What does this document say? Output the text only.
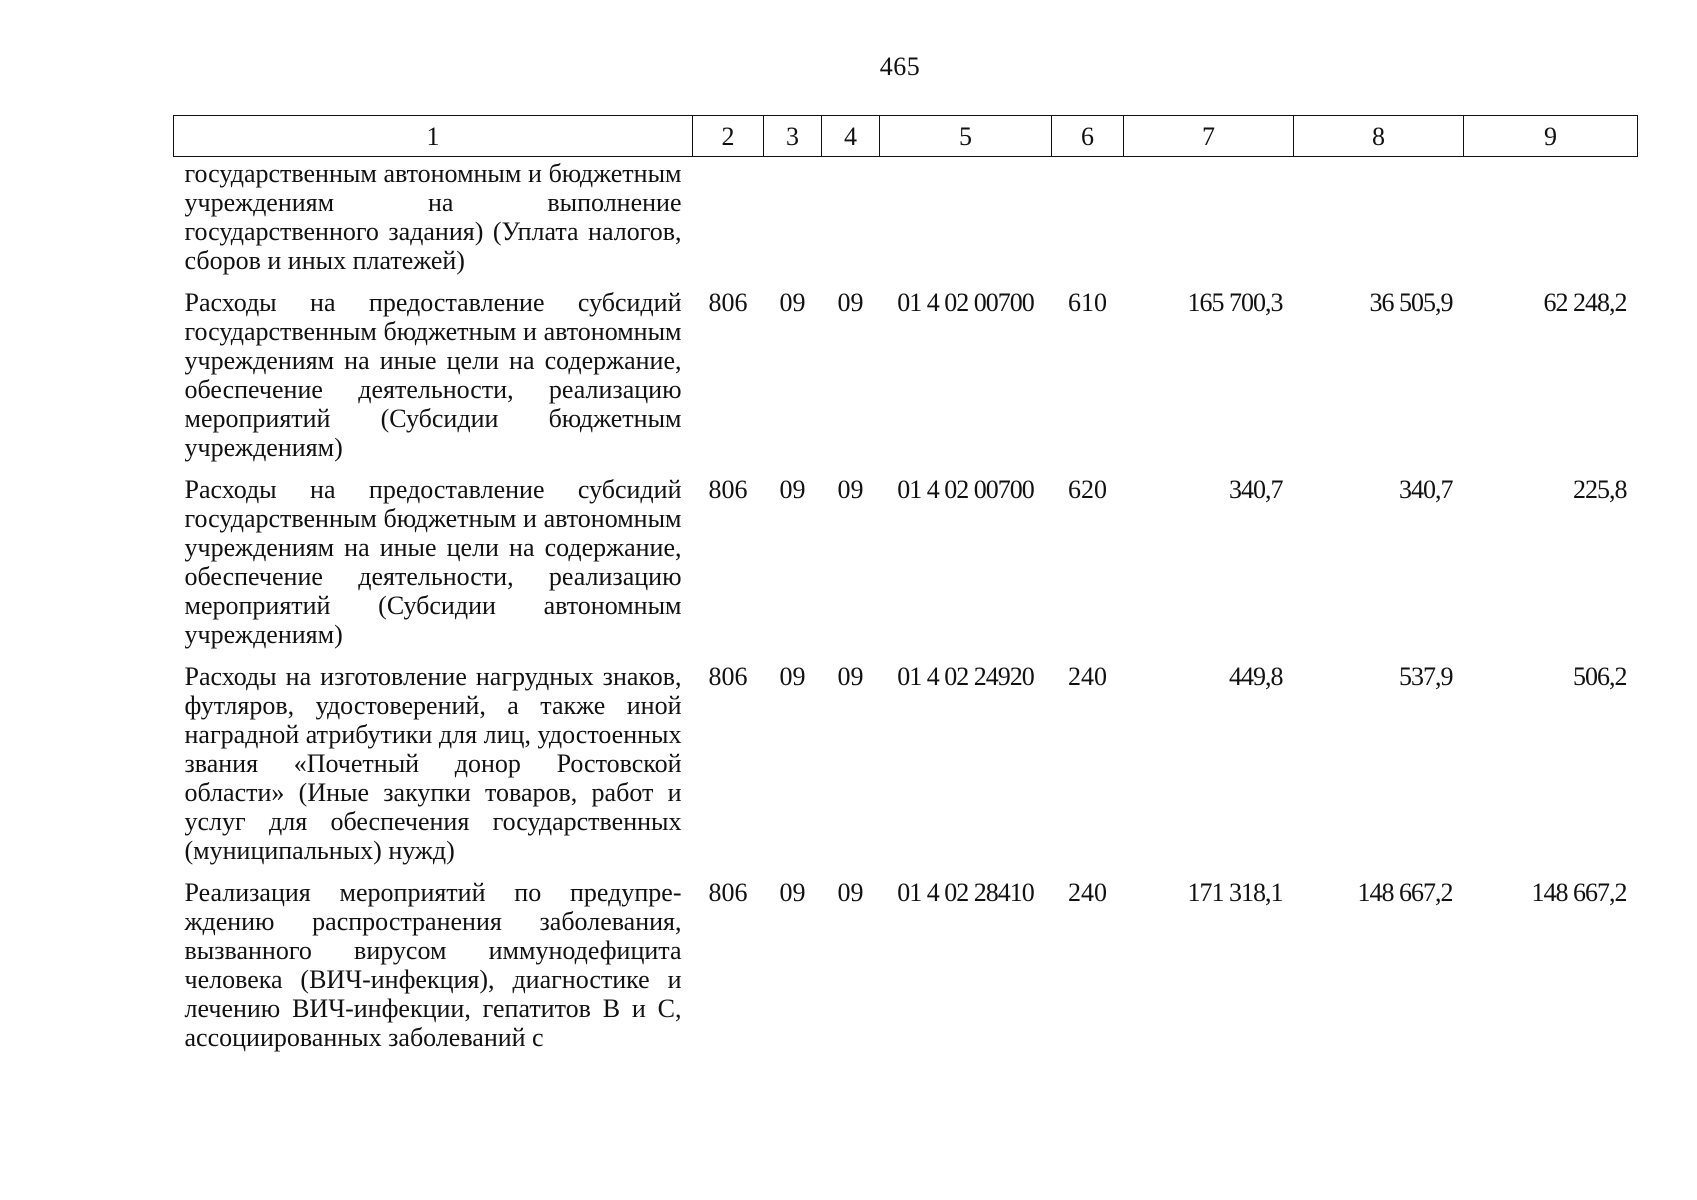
465
1	2	3	4	5	6	7	8	9
государственным автономным и бюджетным учреждениям на выполнение государственного задания) (Уплата налогов, сборов и иных платежей)								
Расходы на предоставление субсидий государственным бюджетным и автономным учреждениям на иные цели на содержание, обеспечение деятельности, реализацию мероприятий (Субсидии бюджетным учреждениям)	806	09	09	01 4 02 00700	610	165 700,3	36 505,9	62 248,2
Расходы на предоставление субсидий государственным бюджетным и автономным учреждениям на иные цели на содержание, обеспечение деятельности, реализацию мероприятий (Субсидии автономным учреждениям)	806	09	09	01 4 02 00700	620	340,7	340,7	225,8
Расходы на изготовление нагрудных знаков, футляров, удостоверений, а также иной наградной атрибутики для лиц, удостоенных звания «Почетный донор Ростовской области» (Иные закупки товаров, работ и услуг для обеспечения государственных (муниципальных) нужд)	806	09	09	01 4 02 24920	240	449,8	537,9	506,2
Реализация мероприятий по предупреждению распространения заболевания, вызванного вирусом иммунодефицита человека (ВИЧ-инфекция), диагностике и лечению ВИЧ-инфекции, гепатитов В и С, ассоциированных заболеваний с	806	09	09	01 4 02 28410	240	171 318,1	148 667,2	148 667,2
